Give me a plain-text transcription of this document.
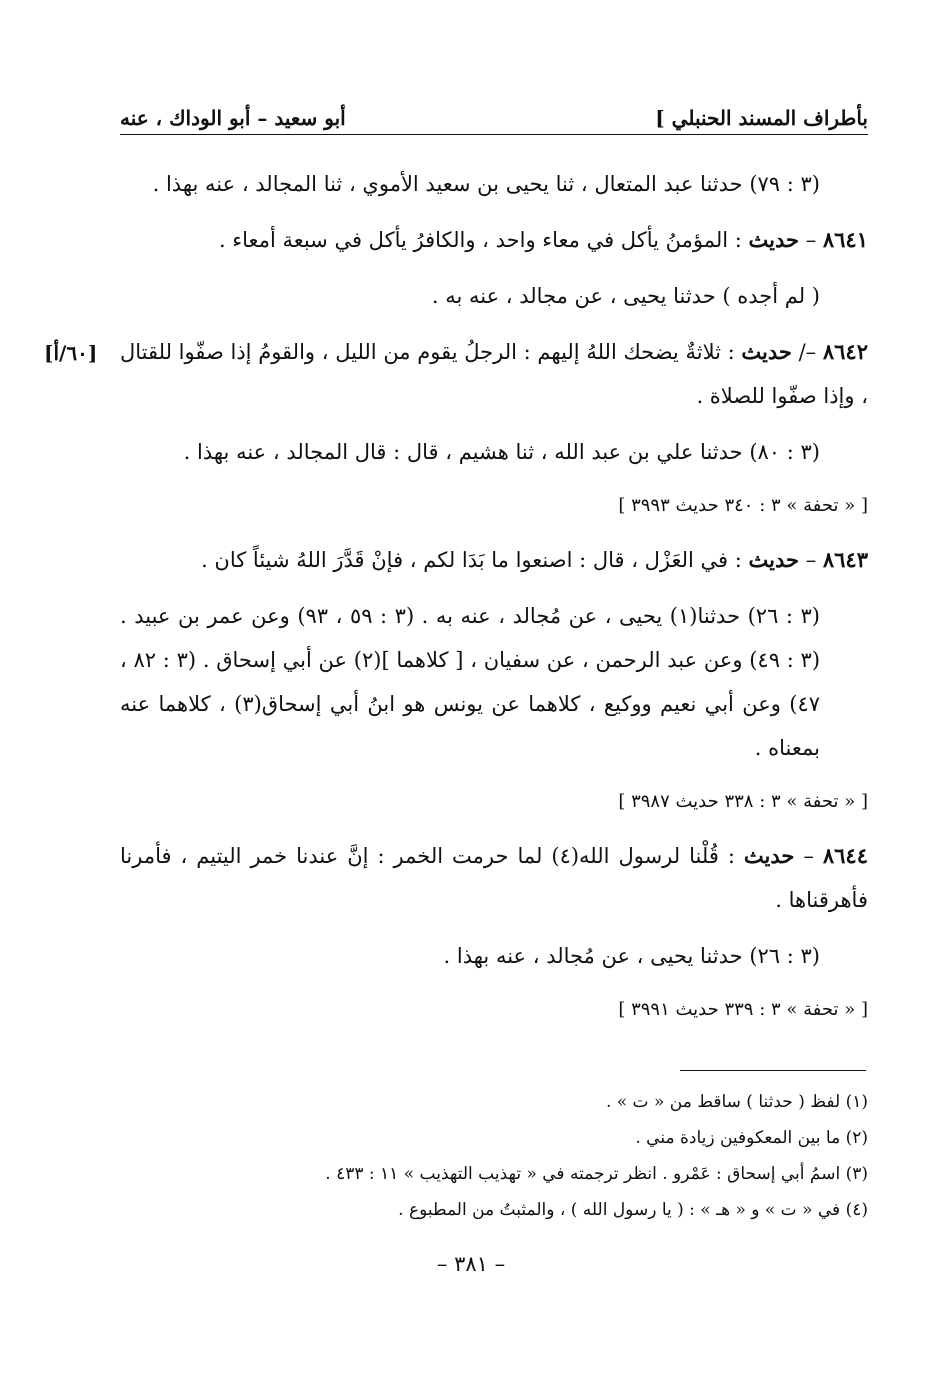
بأطراف المسند الحنبلي ]
أبو سعيد – أبو الوداك ، عنه
[٦٠/أ]

(٣ : ٧٩) حدثنا عبد المتعال ، ثنا يحيى بن سعيد الأموي ، ثنا المجالد ، عنه بهذا .

٨٦٤١ – حديث : المؤمنُ يأكل في معاء واحد ، والكافرُ يأكل في سبعة أمعاء .

( لم أجده ) حدثنا يحيى ، عن مجالد ، عنه به .

٨٦٤٢ –/ حديث : ثلاثةٌ يضحك اللهُ إليهم : الرجلُ يقوم من الليل ، والقومُ إذا صفّوا للقتال ، وإذا صفّوا للصلاة .

(٣ : ٨٠) حدثنا علي بن عبد الله ، ثنا هشيم ، قال : قال المجالد ، عنه بهذا .

[ « تحفة » ٣ : ٣٤٠ حديث ٣٩٩٣ ]

٨٦٤٣ – حديث : في العَزْل ، قال : اصنعوا ما بَدَا لكم ، فإنْ قَدَّرَ اللهُ شيئاً كان .

(٣ : ٢٦) حدثنا(١) يحيى ، عن مُجالد ، عنه به . (٣ : ٥٩ ، ٩٣) وعن عمر بن عبيد . (٣ : ٤٩) وعن عبد الرحمن ، عن سفيان ، [ كلاهما ](٢) عن أبي إسحاق . (٣ : ٨٢ ، ٤٧) وعن أبي نعيم ووكيع ، كلاهما عن يونس هو ابنُ أبي إسحاق(٣) ، كلاهما عنه بمعناه .

[ « تحفة » ٣ : ٣٣٨ حديث ٣٩٨٧ ]

٨٦٤٤ – حديث : قُلْنا لرسول الله(٤) لما حرمت الخمر : إنَّ عندنا خمر اليتيم ، فأمرنا فأهرقناها .

(٣ : ٢٦) حدثنا يحيى ، عن مُجالد ، عنه بهذا .

[ « تحفة » ٣ : ٣٣٩ حديث ٣٩٩١ ]

(١) لفظ ( حدثنا ) ساقط من « ت » .
(٢) ما بين المعكوفين زيادة مني .
(٣) اسمُ أبي إسحاق : عَمْرو . انظر ترجمته في « تهذيب التهذيب » ١١ : ٤٣٣ .
(٤) في « ت » و « هـ » : ( يا رسول الله ) ، والمثبتُ من المطبوع .
– ٣٨١ –
